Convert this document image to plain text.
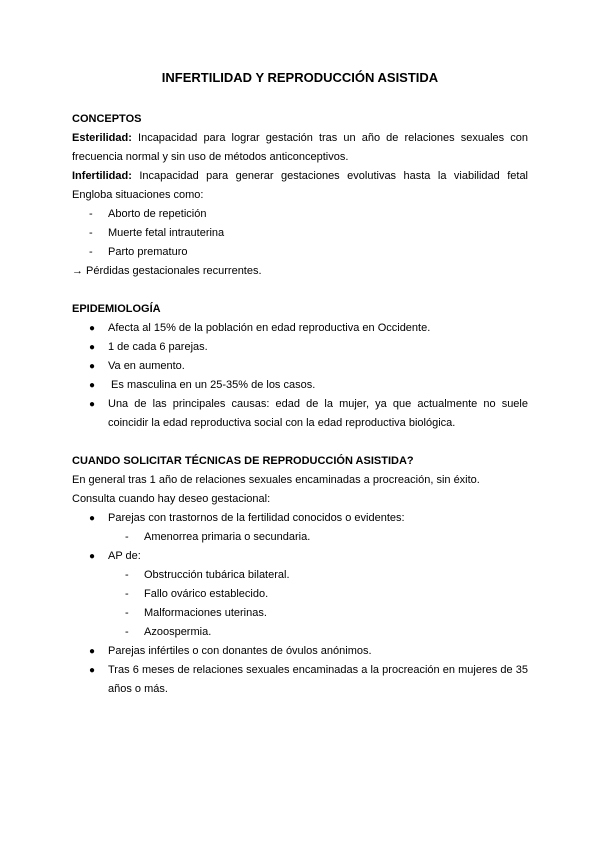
INFERTILIDAD Y REPRODUCCIÓN ASISTIDA

CONCEPTOS

Esterilidad: Incapacidad para lograr gestación tras un año de relaciones sexuales con frecuencia normal y sin uso de métodos anticonceptivos.

Infertilidad: Incapacidad para generar gestaciones evolutivas hasta la viabilidad fetal

Engloba situaciones como:

- Aborto de repetición
- Muerte fetal intrauterina
- Parto prematuro

→ Pérdidas gestacionales recurrentes.

EPIDEMIOLOGÍA

● Afecta al 15% de la población en edad reproductiva en Occidente.
● 1 de cada 6 parejas.
● Va en aumento.
● Es masculina en un 25-35% de los casos.
● Una de las principales causas: edad de la mujer, ya que actualmente no suele coincidir la edad reproductiva social con la edad reproductiva biológica.

CUANDO SOLICITAR TÉCNICAS DE REPRODUCCIÓN ASISTIDA?

En general tras 1 año de relaciones sexuales encaminadas a procreación, sin éxito.

Consulta cuando hay deseo gestacional:

● Parejas con trastornos de la fertilidad conocidos o evidentes:
- Amenorrea primaria o secundaria.
● AP de:
- Obstrucción tubárica bilateral.
- Fallo ovárico establecido.
- Malformaciones uterinas.
- Azoospermia.
● Parejas infértiles o con donantes de óvulos anónimos.
● Tras 6 meses de relaciones sexuales encaminadas a la procreación en mujeres de 35 años o más.
